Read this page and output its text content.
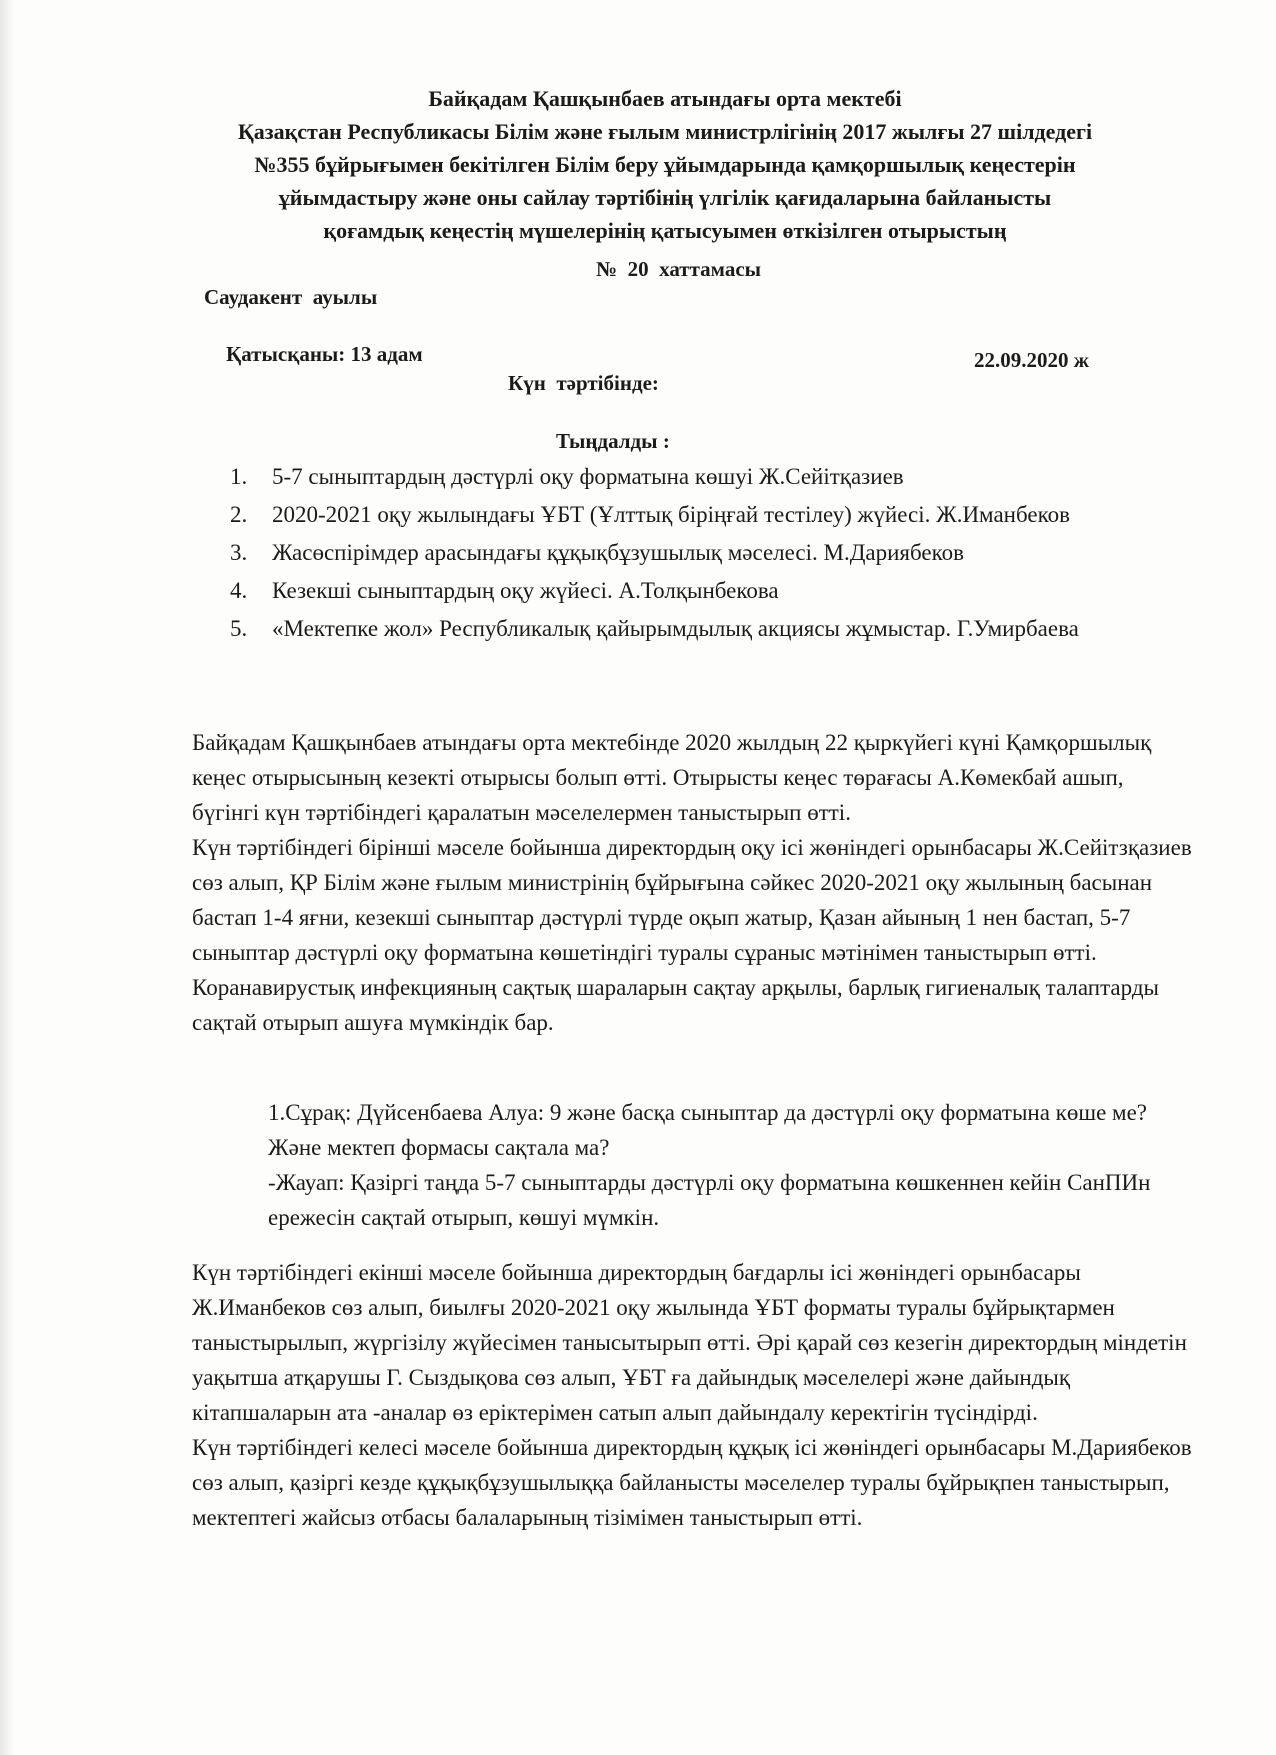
Байқадам Қашқынбаев атындағы орта мектебі
Қазақстан Республикасы Білім және ғылым министрлігінің 2017 жылғы 27 шілдедегі
№355 бұйрығымен бекітілген Білім беру ұйымдарында қамқоршылық кеңестерін
ұйымдастыру және оны сайлау тәртібінің үлгілік қағидаларына байланысты
қоғамдық кеңестің мүшелерінің қатысуымен өткізілген отырыстың
№  20  хаттамасы
Саудакент  ауылы
Қатысқаны: 13 адам	22.09.2020 ж
Күн  тәртібінде:
Тыңдалды :
1.	5-7 сыныптардың дәстүрлі оқу форматына көшуі Ж.Сейітқазиев
2.	2020-2021 оқу жылындағы ҰБТ (Ұлттық біріңғай тестілеу) жүйесі. Ж.Иманбеков
3.	Жасөспірімдер арасындағы құқықбұзушылық мәселесі. М.Дариябеков
4.	Кезекші сыныптардың оқу жүйесі. А.Толқынбекова
5.	«Мектепке жол» Республикалық қайырымдылық акциясы жұмыстар. Г.Умирбаева

Байқадам Қашқынбаев атындағы орта мектебінде 2020 жылдың 22 қыркүйегі күні Қамқоршылық кеңес отырысының кезекті отырысы болып өтті. Отырысты кеңес төрағасы А.Көмекбай ашып, бүгінгі күн тәртібіндегі қаралатын мәселелермен таныстырып өтті.

Күн тәртібіндегі бірінші мәселе бойынша директордың оқу ісі жөніндегі орынбасары Ж.Сейітзқазиев сөз алып, ҚР Білім және ғылым министрінің бұйрығына сәйкес 2020-2021 оқу жылының басынан бастап 1-4 яғни, кезекші сыныптар дәстүрлі түрде оқып жатыр, Қазан айының 1 нен бастап, 5-7 сыныптар дәстүрлі оқу форматына көшетіндігі туралы сұраныс мәтінімен таныстырып өтті. Коранавирустық инфекцияның сақтық шараларын сақтау арқылы, барлық гигиеналық талаптарды сақтай отырып ашуға мүмкіндік бар.

1.Сұрақ: Дүйсенбаева Алуа: 9 және басқа сыныптар да дәстүрлі оқу форматына көше ме? Және мектеп формасы сақтала ма?

-Жауап: Қазіргі таңда 5-7 сыныптарды дәстүрлі оқу форматына көшкеннен кейін СанПИн ережесін сақтай отырып, көшуі мүмкін.

Күн тәртібіндегі екінші мәселе бойынша директордың бағдарлы ісі жөніндегі орынбасары Ж.Иманбеков сөз алып, биылғы 2020-2021 оқу жылында ҰБТ форматы туралы бұйрықтармен таныстырылып, жүргізілу жүйесімен танысытырып өтті. Әрі қарай сөз кезегін директордың міндетін уақытша атқарушы Г. Сыздықова сөз алып, ҰБТ ға дайындық мәселелері және дайындық кітапшаларын ата -аналар өз еріктерімен сатып алып дайындалу керектігін түсіндірді.

Күн тәртібіндегі келесі мәселе бойынша директордың құқық ісі жөніндегі орынбасары М.Дариябеков сөз алып, қазіргі кезде құқықбұзушылыққа байланысты мәселелер туралы бұйрықпен таныстырып, мектептегі жайсыз отбасы балаларының тізімімен таныстырып өтті.
